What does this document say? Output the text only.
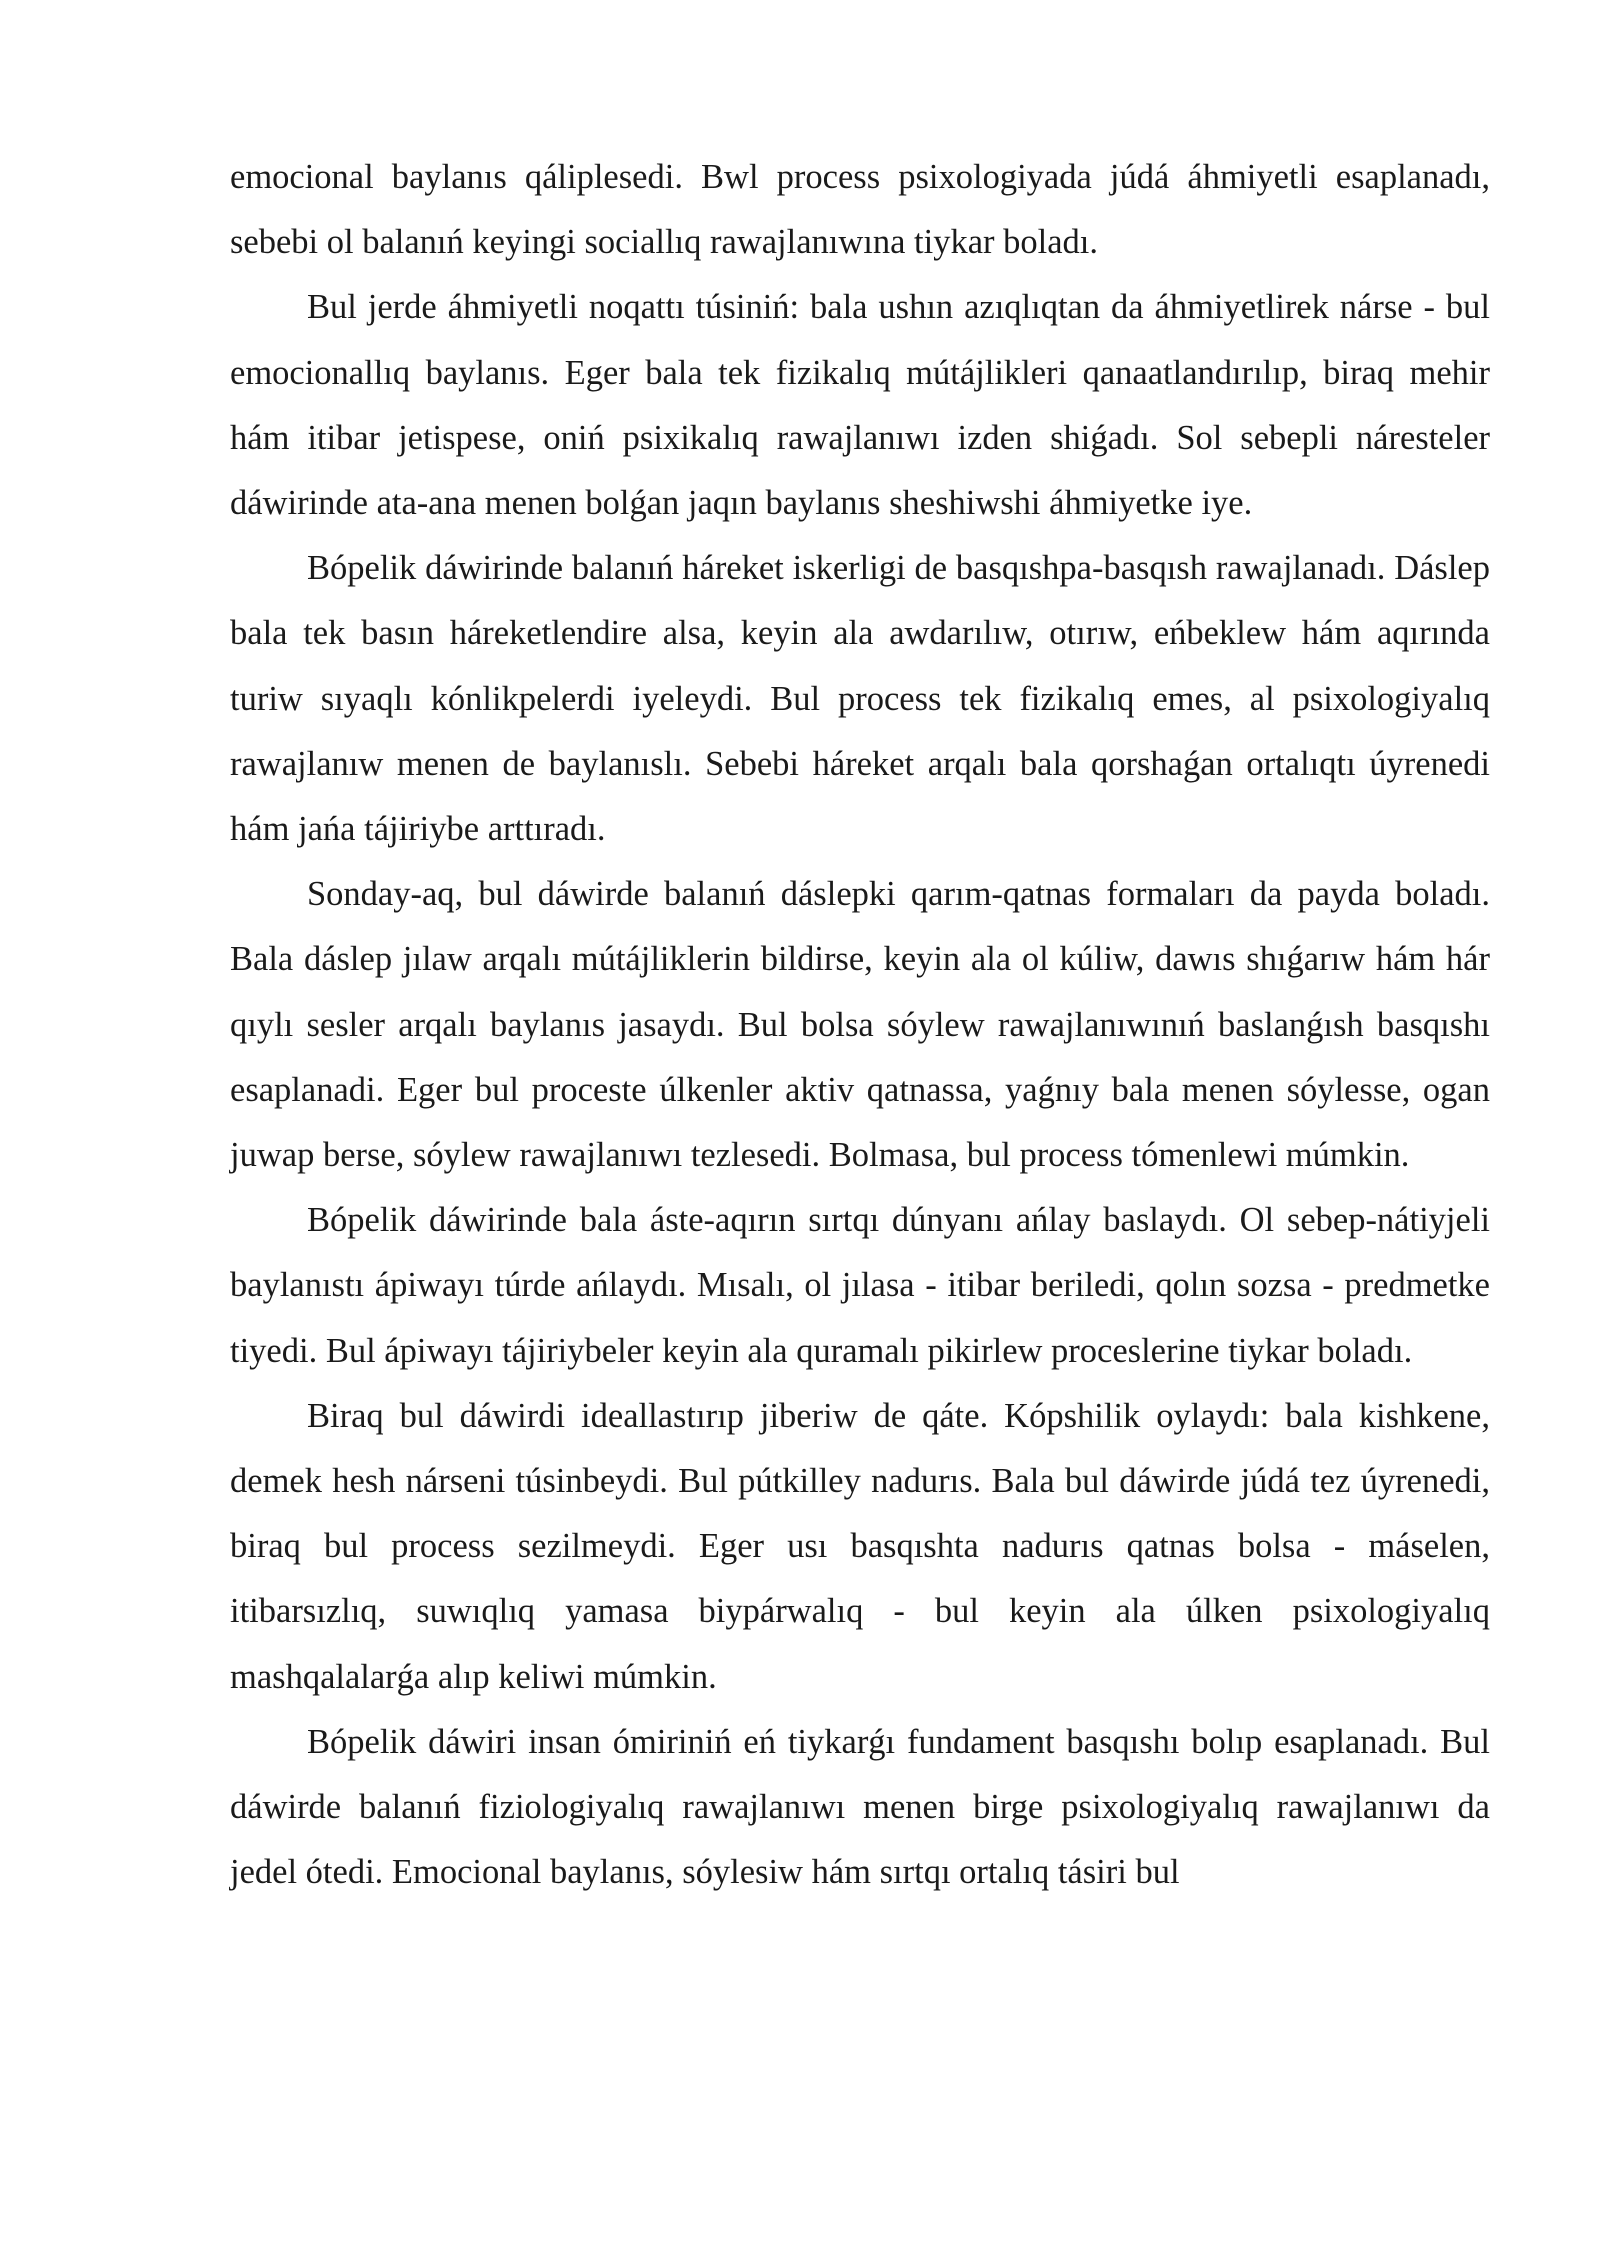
emocional baylanıs qáliplesedi. Bwl process psixologiyada júdá áhmiyetli esaplanadı, sebebi ol balanıń keyingi sociallıq rawajlanıwına tiykar boladı.

Bul jerde áhmiyetli noqattı túsiniń: bala ushın azıqlıqtan da áhmiyetlirek nárse - bul emocionallıq baylanıs. Eger bala tek fizikalıq mútájlikleri qanaatlandırılıp, biraq mehir hám itibar jetispese, oniń psixikalıq rawajlanıwı izden shiǵadı. Sol sebepli náresteler dáwirinde ata-ana menen bolǵan jaqın baylanıs sheshiwshi áhmiyetke iye.

Bópelik dáwirinde balanıń háreket iskerligi de basqıshpa-basqısh rawajlanadı. Dáslep bala tek basın háreketlendire alsa, keyin ala awdarılıw, otırıw, eńbeklew hám aqırında turiw sıyaqlı kónlikpelerdi iyeleydi. Bul process tek fizikalıq emes, al psixologiyalıq rawajlanıw menen de baylanıslı. Sebebi háreket arqalı bala qorshaǵan ortalıqtı úyrenedi hám jańa tájiriybe arttıradı.

Sonday-aq, bul dáwirde balanıń dáslepki qarım-qatnas formaları da payda boladı. Bala dáslep jılaw arqalı mútájliklerin bildirse, keyin ala ol kúliw, dawıs shıǵarıw hám hár qıylı sesler arqalı baylanıs jasaydı. Bul bolsa sóylew rawajlanıwınıń baslanǵısh basqıshı esaplanadi. Eger bul proceste úlkenler aktiv qatnassa, yaǵnıy bala menen sóylesse, ogan juwap berse, sóylew rawajlanıwı tezlesedi. Bolmasa, bul process tómenlewi múmkin.

Bópelik dáwirinde bala áste-aqırın sırtqı dúnyanı ańlay baslaydı. Ol sebep-nátiyjeli baylanıstı ápiwayı túrde ańlaydı. Mısalı, ol jılasa - itibar beriledi, qolın sozsa - predmetke tiyedi. Bul ápiwayı tájiriybeler keyin ala quramalı pikirlew proceslerine tiykar boladı.

Biraq bul dáwirdi ideallastırıp jiberiw de qáte. Kópshilik oylaydı: bala kishkene, demek hesh nárseni túsinbeydi. Bul pútkilley nadurıs. Bala bul dáwirde júdá tez úyrenedi, biraq bul process sezilmeydi. Eger usı basqıshta nadurıs qatnas bolsa - máselen, itibarsızlıq, suwıqlıq yamasa biypárwalıq - bul keyin ala úlken psixologiyalıq mashqalalarǵa alıp keliwi múmkin.

Bópelik dáwiri insan ómiriniń eń tiykarǵı fundament basqıshı bolıp esaplanadı. Bul dáwirde balanıń fiziologiyalıq rawajlanıwı menen birge psixologiyalıq rawajlanıwı da jedel ótedi. Emocional baylanıs, sóylesiw hám sırtqı ortalıq tásiri bul
